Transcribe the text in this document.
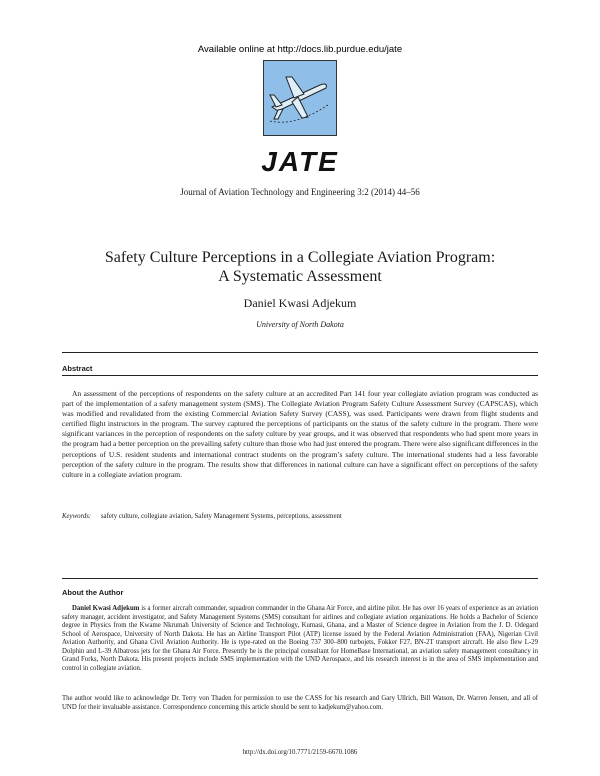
Available online at http://docs.lib.purdue.edu/jate
JATE
Journal of Aviation Technology and Engineering 3:2 (2014) 44–56
Safety Culture Perceptions in a Collegiate Aviation Program:
A Systematic Assessment
Daniel Kwasi Adjekum
University of North Dakota
Abstract

An assessment of the perceptions of respondents on the safety culture at an accredited Part 141 four year collegiate aviation program was conducted as part of the implementation of a safety management system (SMS). The Collegiate Aviation Program Safety Culture Assessment Survey (CAPSCAS), which was modified and revalidated from the existing Commercial Aviation Safety Survey (CASS), was used. Participants were drawn from flight students and certified flight instructors in the program. The survey captured the perceptions of participants on the status of the safety culture in the program. There were significant variances in the perception of respondents on the safety culture by year groups, and it was observed that respondents who had spent more years in the program had a better perception on the prevailing safety culture than those who had just entered the program. There were also significant differences in the perceptions of U.S. resident students and international contract students on the program’s safety culture. The international students had a less favorable perception of the safety culture in the program. The results show that differences in national culture can have a significant effect on perceptions of the safety culture in a collegiate aviation program.

Keywords: safety culture, collegiate aviation, Safety Management Systems, perceptions, assessment
About the Author

Daniel Kwasi Adjekum is a former aircraft commander, squadron commander in the Ghana Air Force, and airline pilot. He has over 16 years of experience as an aviation safety manager, accident investigator, and Safety Management Systems (SMS) consultant for airlines and collegiate aviation organizations. He holds a Bachelor of Science degree in Physics from the Kwame Nkrumah University of Science and Technology, Kumasi, Ghana, and a Master of Science degree in Aviation from the J. D. Odegard School of Aerospace, University of North Dakota. He has an Airline Transport Pilot (ATP) license issued by the Federal Aviation Administration (FAA), Nigerian Civil Aviation Authority, and Ghana Civil Aviation Authority. He is type-rated on the Boeing 737 300–800 turbojets, Fokker F27, BN-2T transport aircraft. He also flew L-29 Dolphin and L-39 Albatross jets for the Ghana Air Force. Presently he is the principal consultant for HomeBase International, an aviation safety management consultancy in Grand Forks, North Dakota. His present projects include SMS implementation with the UND Aerospace, and his research interest is in the area of SMS implementation and control in collegiate aviation.

The author would like to acknowledge Dr. Terry von Thaden for permission to use the CASS for his research and Gary Ullrich, Bill Watson, Dr. Warren Jensen, and all of UND for their invaluable assistance. Correspondence concerning this article should be sent to kadjekum@yahoo.com.

http://dx.doi.org/10.7771/2159-6670.1086
